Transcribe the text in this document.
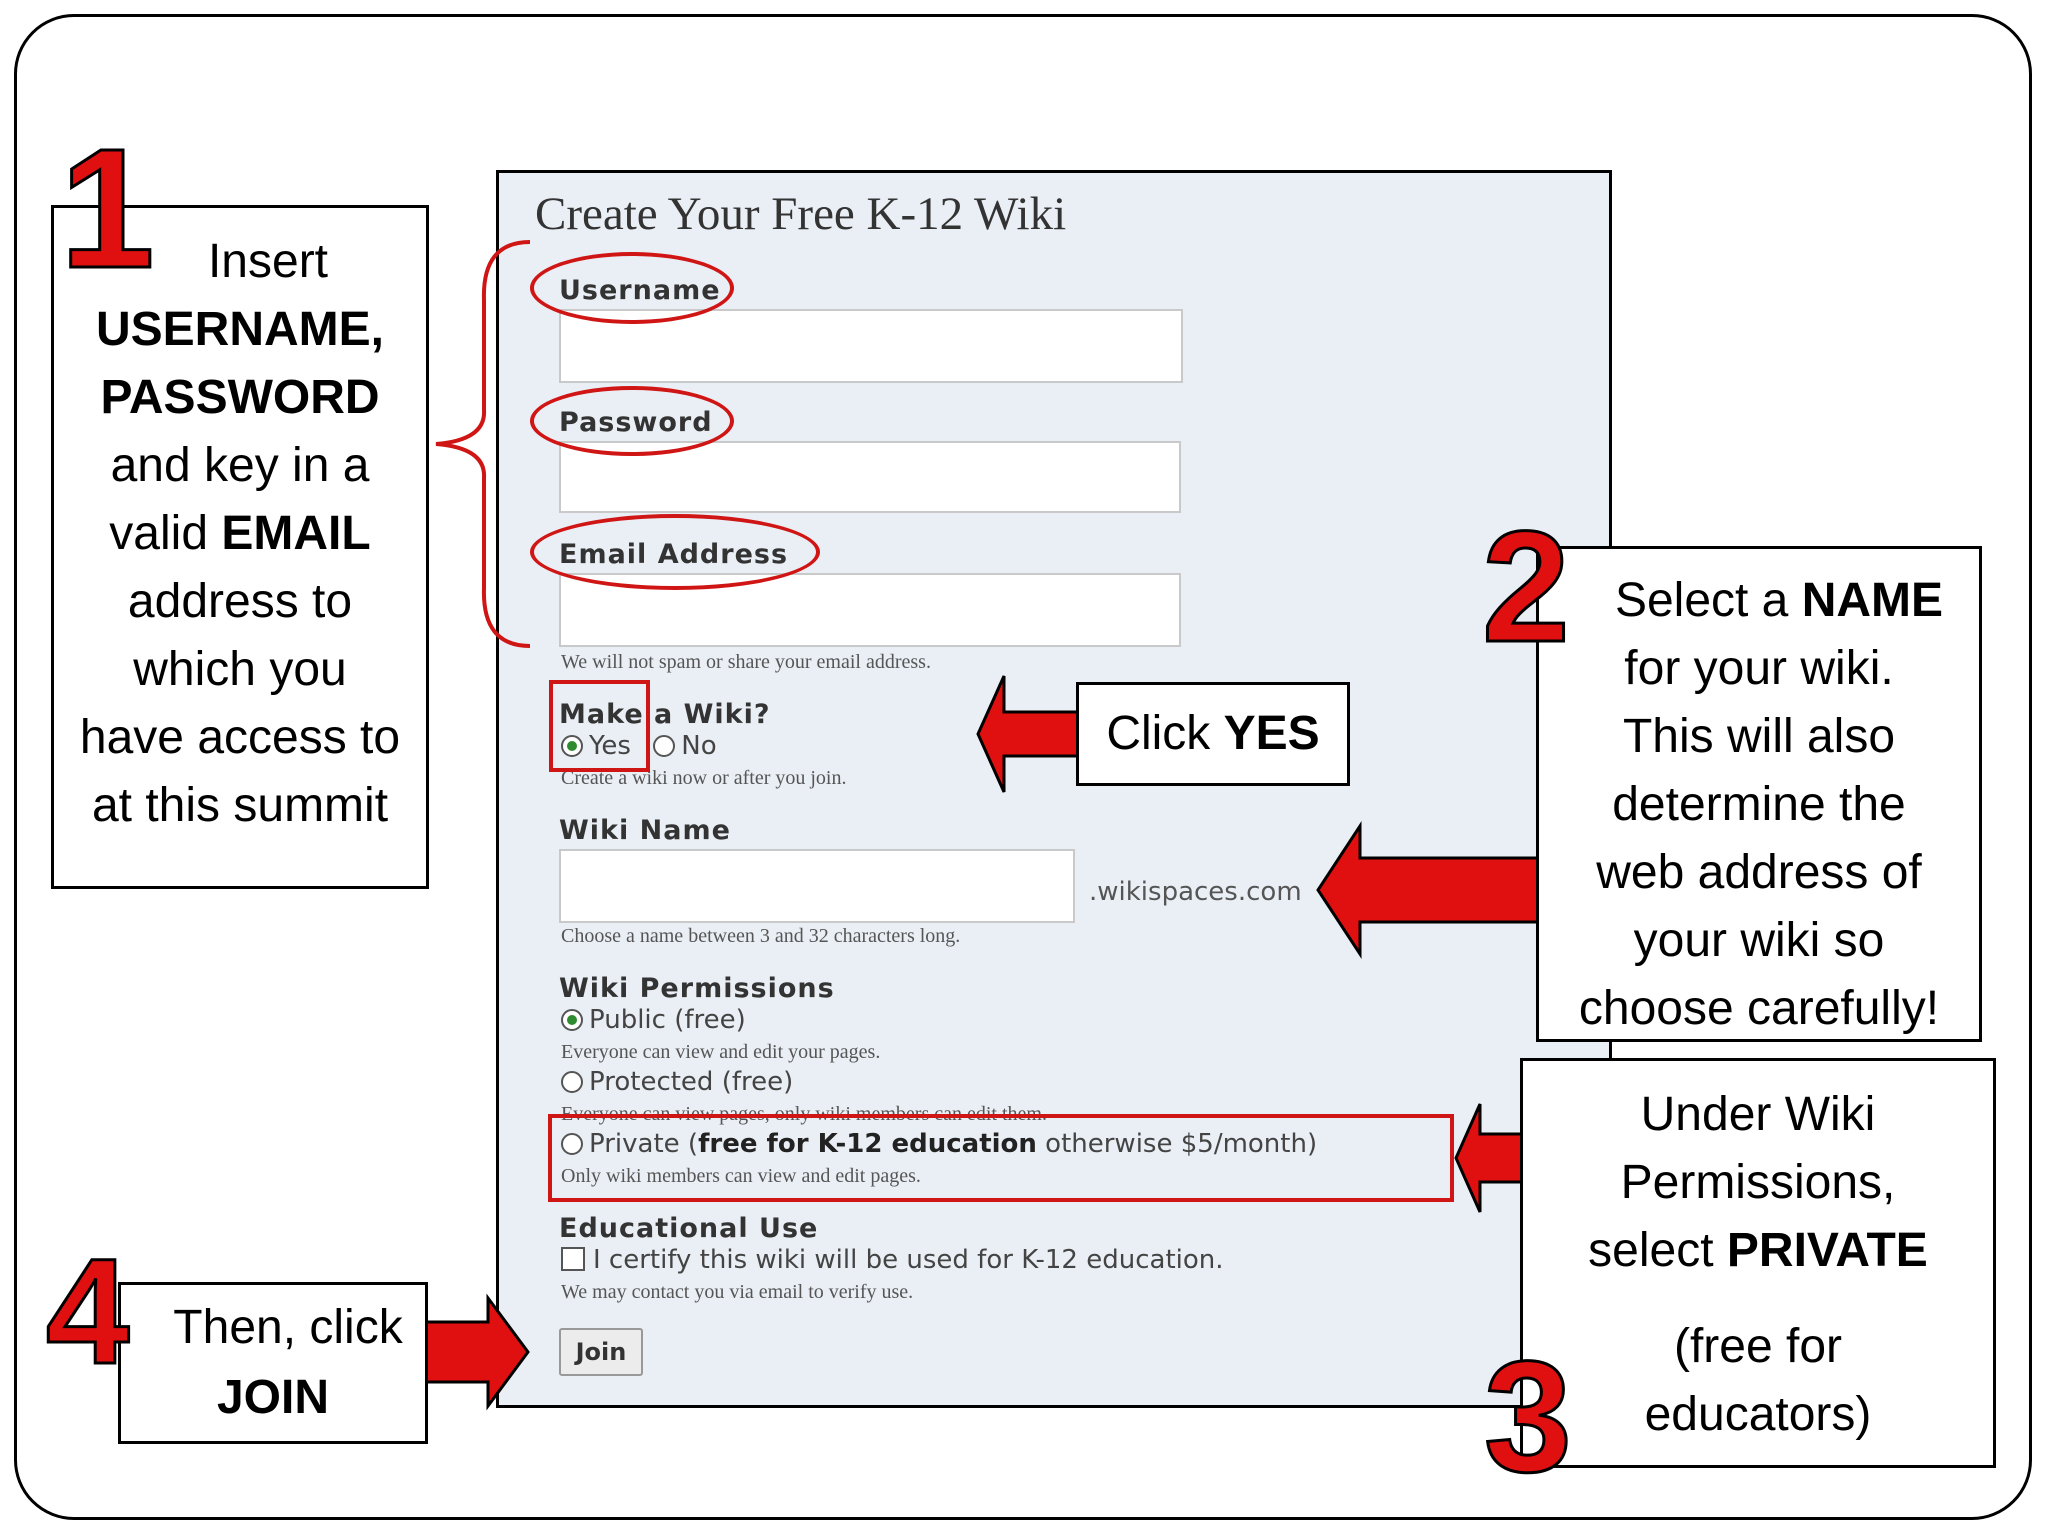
Create Your Free K-12 Wiki
Username
Password
Email Address
We will not spam or share your email address.
Make a Wiki?
Yes No
Create a wiki now or after you join.
Wiki Name
.wikispaces.com
Choose a name between 3 and 32 characters long.
Wiki Permissions
Public (free)
Everyone can view and edit your pages.
Protected (free)
Everyone can view pages, only wiki members can edit them.
Private (free for K-12 education otherwise $5/month)
Only wiki members can view and edit pages.
Educational Use
I certify this wiki will be used for K-12 education.
We may contact you via email to verify use.
Join
Insert
USERNAME,
PASSWORD
and key in a
valid EMAIL
address to
which you
have access to
at this summit
1
Click YES
Select a NAME
for your wiki.
This will also
determine the
web address of
your wiki so
choose carefully!
2
Under Wiki
Permissions,
select PRIVATE
(free for
educators)
3
Then, click
JOIN
4
